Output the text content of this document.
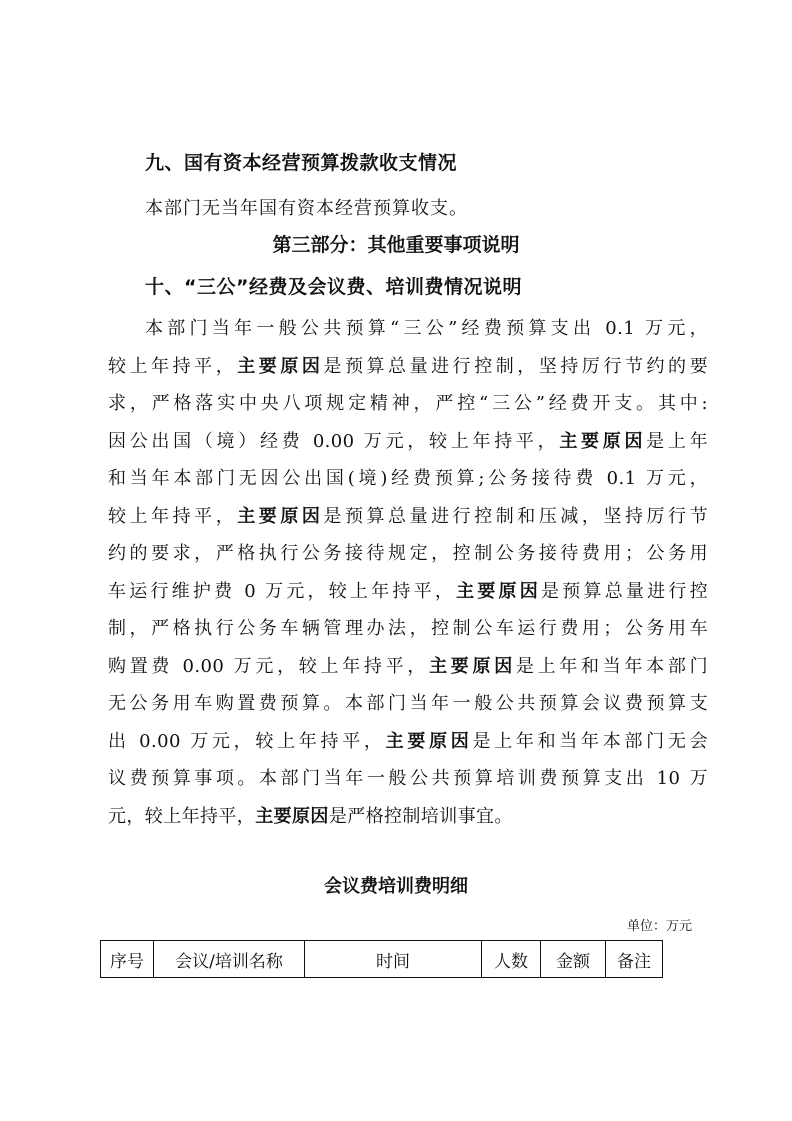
九、国有资本经营预算拨款收支情况
本部门无当年国有资本经营预算收支。
第三部分：其他重要事项说明
十、“三公”经费及会议费、培训费情况说明
本部门当年一般公共预算“三公”经费预算支出 0.1 万元，
较上年持平，主要原因是预算总量进行控制，坚持厉行节约的要
求，严格落实中央八项规定精神，严控“三公”经费开支。其中:
因公出国（境）经费 0.00 万元，较上年持平，主要原因是上年
和当年本部门无因公出国(境)经费预算;公务接待费 0.1 万元，
较上年持平，主要原因是预算总量进行控制和压减，坚持厉行节
约的要求，严格执行公务接待规定，控制公务接待费用；公务用
车运行维护费 0 万元，较上年持平，主要原因是预算总量进行控
制，严格执行公务车辆管理办法，控制公车运行费用；公务用车
购置费 0.00 万元，较上年持平，主要原因是上年和当年本部门
无公务用车购置费预算。本部门当年一般公共预算会议费预算支
出 0.00 万元，较上年持平，主要原因是上年和当年本部门无会
议费预算事项。本部门当年一般公共预算培训费预算支出 10 万
元，较上年持平，主要原因是严格控制培训事宜。
会议费培训费明细
单位：万元
序号	会议/培训名称	时间	人数	金额	备注
